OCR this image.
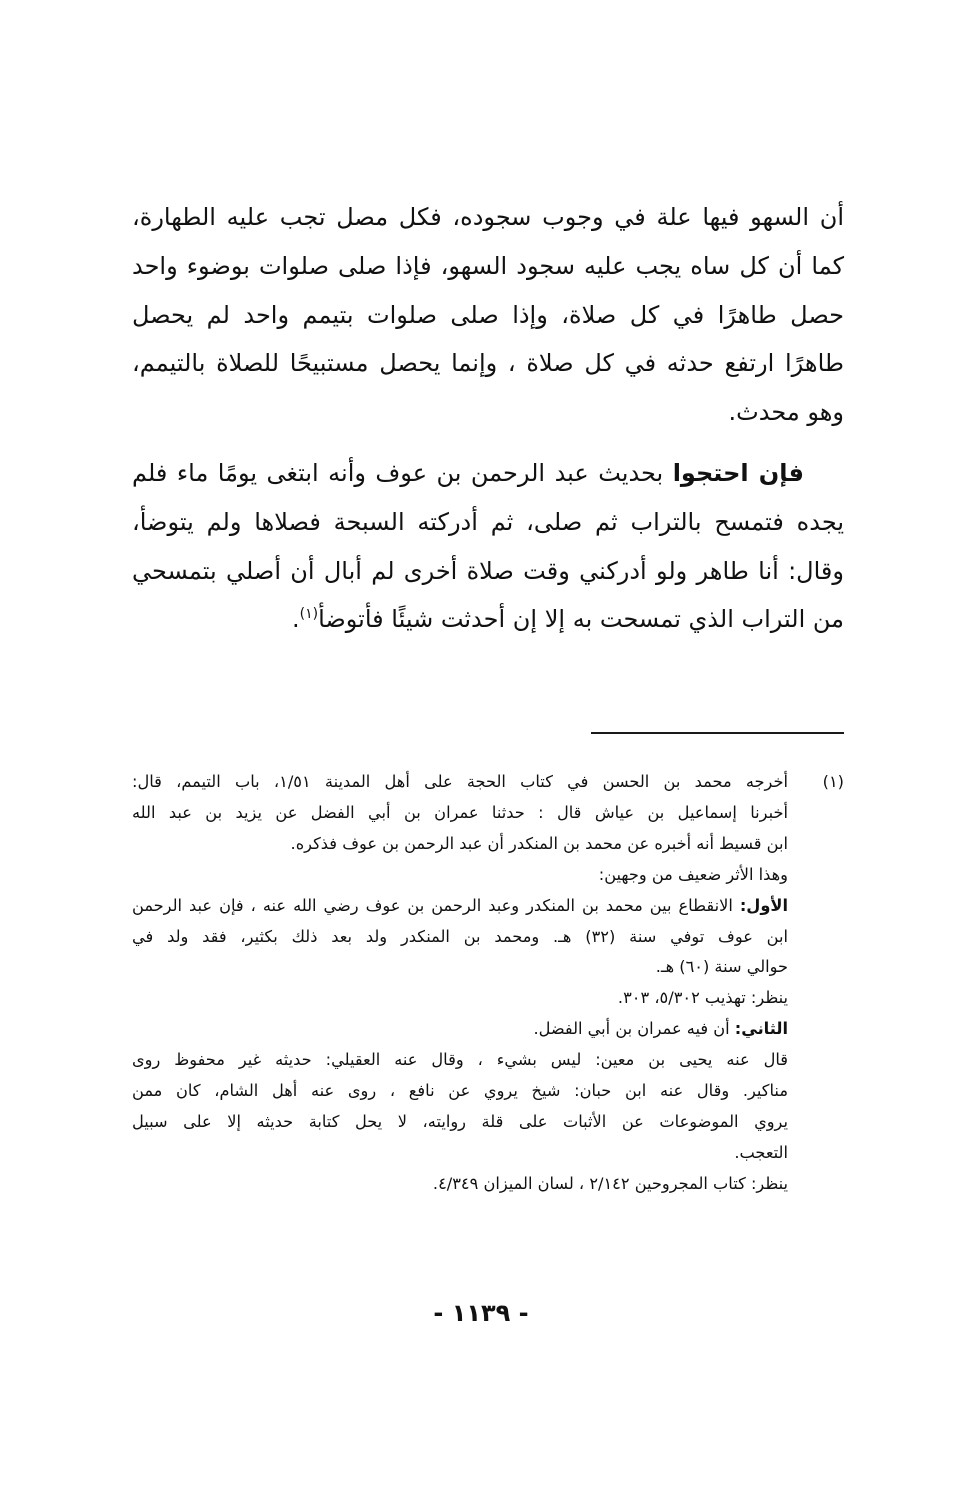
أن السهو فيها علة في وجوب سجوده، فكل مصل تجب عليه الطهارة، كما أن كل ساه يجب عليه سجود السهو، فإذا صلى صلوات بوضوء واحد حصل طاهرًا في كل صلاة، وإذا صلى صلوات بتيمم واحد لم يحصل طاهرًا ارتفع حدثه في كل صلاة ، وإنما يحصل مستبيحًا للصلاة بالتيمم، وهو محدث.

فإن احتجوا بحديث عبد الرحمن بن عوف وأنه ابتغى يومًا ماء فلم يجده فتمسح بالتراب ثم صلى، ثم أدركته السبحة فصلاها ولم يتوضأ، وقال: أنا طاهر ولو أدركني وقت صلاة أخرى لم أبال أن أصلي بتمسحي من التراب الذي تمسحت به إلا إن أحدثت شيئًا فأتوضأ$^{(١)}$.

(١)
أخرجه محمد بن الحسن في كتاب الحجة على أهل المدينة ١/٥١، باب التيمم، قال:
أخبرنا إسماعيل بن عياش قال : حدثنا عمران بن أبي الفضل عن يزيد بن عبد الله
ابن قسيط أنه أخبره عن محمد بن المنكدر أن عبد الرحمن بن عوف فذكره.
وهذا الأثر ضعيف من وجهين:
الأول: الانقطاع بين محمد بن المنكدر وعبد الرحمن بن عوف رضي الله عنه ، فإن عبد الرحمن
ابن عوف توفي سنة (٣٢) هـ. ومحمد بن المنكدر ولد بعد ذلك بكثير، فقد ولد في
حوالي سنة (٦٠) هـ.
ينظر: تهذيب ٥/٣٠٢، ٣٠٣.
الثاني: أن فيه عمران بن أبي الفضل.
قال عنه يحيى بن معين: ليس بشيء ، وقال عنه العقيلي: حديثه غير محفوظ روى
مناكير. وقال عنه ابن حبان: شيخ يروي عن نافع ، روى عنه أهل الشام، كان ممن
يروي الموضوعات عن الأثبات على قلة روايته، لا يحل كتابة حديثه إلا على سبيل
التعجب.
ينظر: كتاب المجروحين ٢/١٤٢ ، لسان الميزان ٤/٣٤٩.
- ١١٣٩ -
